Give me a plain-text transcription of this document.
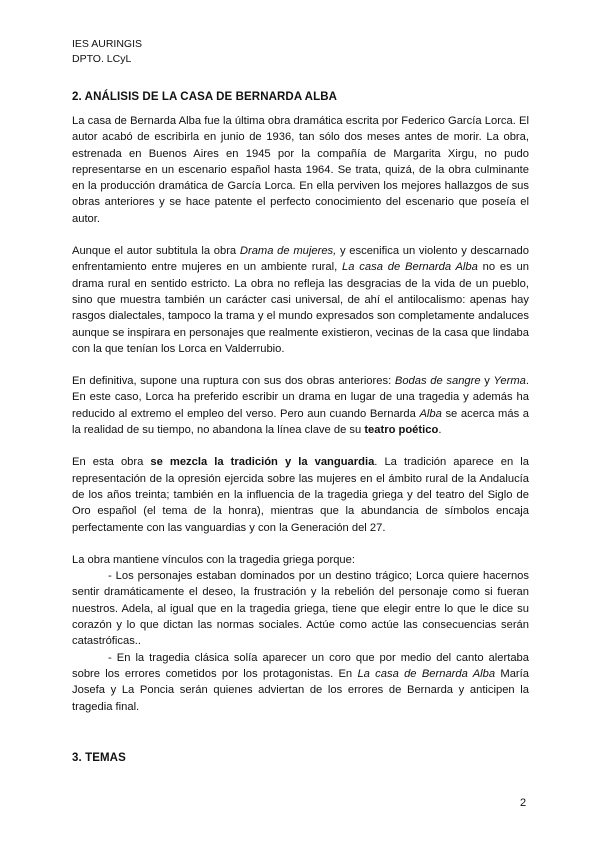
IES AURINGIS
DPTO. LCyL
2. ANÁLISIS DE LA CASA DE BERNARDA ALBA

La casa de Bernarda Alba fue la última obra dramática escrita por Federico García Lorca. El autor acabó de escribirla en junio de 1936, tan sólo dos meses antes de morir. La obra, estrenada en Buenos Aires en 1945 por la compañía de Margarita Xirgu, no pudo representarse en un escenario español hasta 1964. Se trata, quizá, de la obra culminante en la producción dramática de García Lorca. En ella perviven los mejores hallazgos de sus obras anteriores y se hace patente el perfecto conocimiento del escenario que poseía el autor.

Aunque el autor subtitula la obra Drama de mujeres, y escenifica un violento y descarnado enfrentamiento entre mujeres en un ambiente rural, La casa de Bernarda Alba no es un drama rural en sentido estricto. La obra no refleja las desgracias de la vida de un pueblo, sino que muestra también un carácter casi universal, de ahí el antilocalismo: apenas hay rasgos dialectales, tampoco la trama y el mundo expresados son completamente andaluces aunque se inspirara en personajes que realmente existieron, vecinas de la casa que lindaba con la que tenían los Lorca en Valderrubio.

En definitiva, supone una ruptura con sus dos obras anteriores: Bodas de sangre y Yerma. En este caso, Lorca ha preferido escribir un drama en lugar de una tragedia y además ha reducido al extremo el empleo del verso. Pero aun cuando Bernarda Alba se acerca más a la realidad de su tiempo, no abandona la línea clave de su teatro poético.

En esta obra se mezcla la tradición y la vanguardia. La tradición aparece en la representación de la opresión ejercida sobre las mujeres en el ámbito rural de la Andalucía de los años treinta; también en la influencia de la tragedia griega y del teatro del Siglo de Oro español (el tema de la honra), mientras que la abundancia de símbolos encaja perfectamente con las vanguardias y con la Generación del 27.

La obra mantiene vínculos con la tragedia griega porque:

- Los personajes estaban dominados por un destino trágico; Lorca quiere hacernos sentir dramáticamente el deseo, la frustración y la rebelión del personaje como si fueran nuestros. Adela, al igual que en la tragedia griega, tiene que elegir entre lo que le dice su corazón y lo que dictan las normas sociales. Actúe como actúe las consecuencias serán catastróficas..

- En la tragedia clásica solía aparecer un coro que por medio del canto alertaba sobre los errores cometidos por los protagonistas. En La casa de Bernarda Alba María Josefa y La Poncia serán quienes adviertan de los errores de Bernarda y anticipen la tragedia final.

3. TEMAS
2
